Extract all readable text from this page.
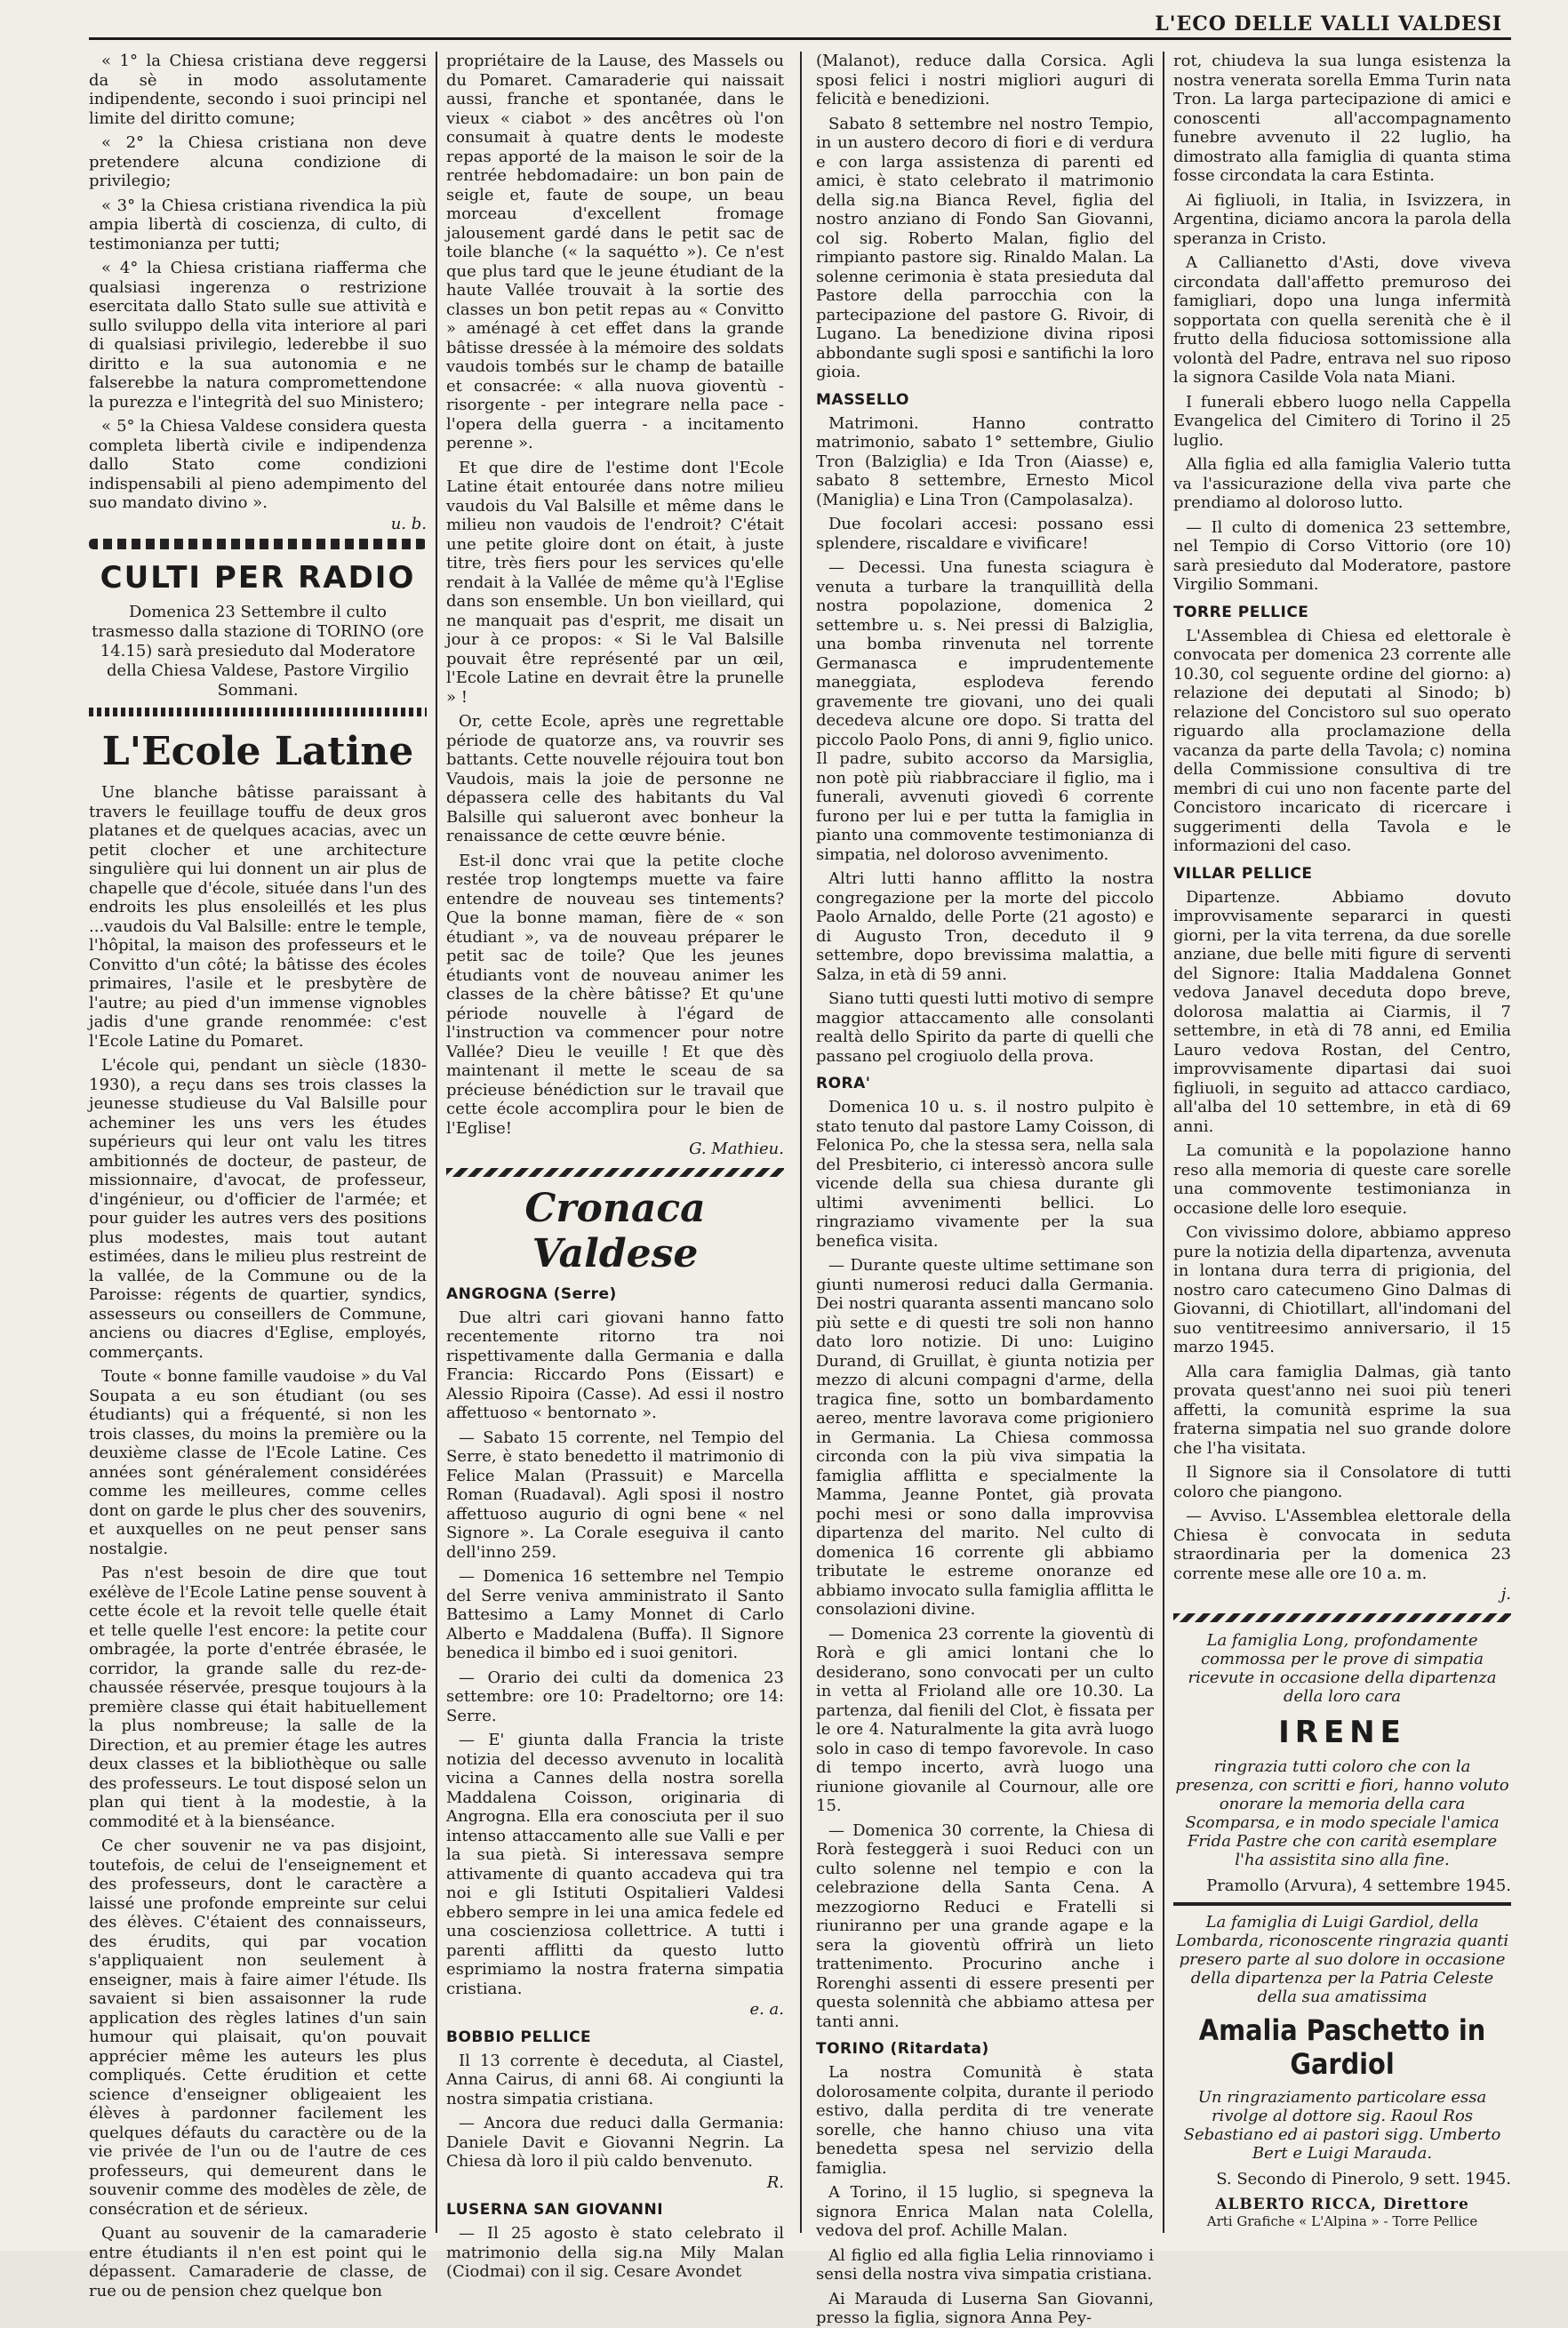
L'ECO DELLE VALLI VALDESI

« 1° la Chiesa cristiana deve reggersi da sè in modo assolutamente indipendente, secondo i suoi principi nel limite del diritto comune;

« 2° la Chiesa cristiana non deve pretendere alcuna condizione di privilegio;

« 3° la Chiesa cristiana rivendica la più ampia libertà di coscienza, di culto, di testimonianza per tutti;

« 4° la Chiesa cristiana riafferma che qualsiasi ingerenza o restrizione esercitata dallo Stato sulle sue attività e sullo sviluppo della vita interiore al pari di qualsiasi privilegio, lederebbe il suo diritto e la sua autonomia e ne falserebbe la natura compromettendone la purezza e l'integrità del suo Ministero;

« 5° la Chiesa Valdese considera questa completa libertà civile e indipendenza dallo Stato come condizioni indispensabili al pieno adempimento del suo mandato divino ».

u. b.

CULTI PER RADIO
Domenica 23 Settembre il culto trasmesso dalla stazione di TORINO (ore 14.15) sarà presieduto dal Moderatore della Chiesa Valdese, Pastore Virgilio Sommani.
L'Ecole Latine

Une blanche bâtisse paraissant à travers le feuillage touffu de deux gros platanes et de quelques acacias, avec un petit clocher et une architecture singulière qui lui donnent un air plus de chapelle que d'école, située dans l'un des endroits les plus ensoleillés et les plus ...vaudois du Val Balsille: entre le temple, l'hôpital, la maison des professeurs et le Convitto d'un côté; la bâtisse des écoles primaires, l'asile et le presbytère de l'autre; au pied d'un immense vignobles jadis d'une grande renommée: c'est l'Ecole Latine du Pomaret.

L'école qui, pendant un siècle (1830-1930), a reçu dans ses trois classes la jeunesse studieuse du Val Balsille pour acheminer les uns vers les études supérieurs qui leur ont valu les titres ambitionnés de docteur, de pasteur, de missionnaire, d'avocat, de professeur, d'ingénieur, ou d'officier de l'armée; et pour guider les autres vers des positions plus modestes, mais tout autant estimées, dans le milieu plus restreint de la vallée, de la Commune ou de la Paroisse: régents de quartier, syndics, assesseurs ou conseillers de Commune, anciens ou diacres d'Eglise, employés, commerçants.

Toute « bonne famille vaudoise » du Val Soupata a eu son étudiant (ou ses étudiants) qui a fréquenté, si non les trois classes, du moins la première ou la deuxième classe de l'Ecole Latine. Ces années sont généralement considérées comme les meilleures, comme celles dont on garde le plus cher des souvenirs, et auxquelles on ne peut penser sans nostalgie.

Pas n'est besoin de dire que tout exélève de l'Ecole Latine pense souvent à cette école et la revoit telle quelle était et telle quelle l'est encore: la petite cour ombragée, la porte d'entrée ébrasée, le corridor, la grande salle du rez-de-chaussée réservée, presque toujours à la première classe qui était habituellement la plus nombreuse; la salle de la Direction, et au premier étage les autres deux classes et la bibliothèque ou salle des professeurs. Le tout disposé selon un plan qui tient à la modestie, à la commodité et à la bienséance.

Ce cher souvenir ne va pas disjoint, toutefois, de celui de l'enseignement et des professeurs, dont le caractère a laissé une profonde empreinte sur celui des élèves. C'étaient des connaisseurs, des érudits, qui par vocation s'appliquaient non seulement à enseigner, mais à faire aimer l'étude. Ils savaient si bien assaisonner la rude application des règles latines d'un sain humour qui plaisait, qu'on pouvait apprécier même les auteurs les plus compliqués. Cette érudition et cette science d'enseigner obligeaient les élèves à pardonner facilement les quelques défauts du caractère ou de la vie privée de l'un ou de l'autre de ces professeurs, qui demeurent dans le souvenir comme des modèles de zèle, de consécration et de sérieux.

Quant au souvenir de la camaraderie entre étudiants il n'en est point qui le dépassent. Camaraderie de classe, de rue ou de pension chez quelque bon

propriétaire de la Lause, des Massels ou du Pomaret. Camaraderie qui naissait aussi, franche et spontanée, dans le vieux « ciabot » des ancêtres où l'on consumait à quatre dents le modeste repas apporté de la maison le soir de la rentrée hebdomadaire: un bon pain de seigle et, faute de soupe, un beau morceau d'excellent fromage jalousement gardé dans le petit sac de toile blanche (« la saquétto »). Ce n'est que plus tard que le jeune étudiant de la haute Vallée trouvait à la sortie des classes un bon petit repas au « Convitto » aménagé à cet effet dans la grande bâtisse dressée à la mémoire des soldats vaudois tombés sur le champ de bataille et consacrée: « alla nuova gioventù - risorgente - per integrare nella pace - l'opera della guerra - a incitamento perenne ».

Et que dire de l'estime dont l'Ecole Latine était entourée dans notre milieu vaudois du Val Balsille et même dans le milieu non vaudois de l'endroit? C'était une petite gloire dont on était, à juste titre, très fiers pour les services qu'elle rendait à la Vallée de même qu'à l'Eglise dans son ensemble. Un bon vieillard, qui ne manquait pas d'esprit, me disait un jour à ce propos: « Si le Val Balsille pouvait être représenté par un œil, l'Ecole Latine en devrait être la prunelle » !

Or, cette Ecole, après une regrettable période de quatorze ans, va rouvrir ses battants. Cette nouvelle réjouira tout bon Vaudois, mais la joie de personne ne dépassera celle des habitants du Val Balsille qui salueront avec bonheur la renaissance de cette œuvre bénie.

Est-il donc vrai que la petite cloche restée trop longtemps muette va faire entendre de nouveau ses tintements? Que la bonne maman, fière de « son étudiant », va de nouveau préparer le petit sac de toile? Que les jeunes étudiants vont de nouveau animer les classes de la chère bâtisse? Et qu'une période nouvelle à l'égard de l'instruction va commencer pour notre Vallée? Dieu le veuille ! Et que dès maintenant il mette le sceau de sa précieuse bénédiction sur le travail que cette école accomplira pour le bien de l'Eglise!

G. Mathieu.

Cronaca Valdese
ANGROGNA (Serre)

Due altri cari giovani hanno fatto recentemente ritorno tra noi rispettivamente dalla Germania e dalla Francia: Riccardo Pons (Eissart) e Alessio Ripoira (Casse). Ad essi il nostro affettuoso « bentornato ».

— Sabato 15 corrente, nel Tempio del Serre, è stato benedetto il matrimonio di Felice Malan (Prassuit) e Marcella Roman (Ruadaval). Agli sposi il nostro affettuoso augurio di ogni bene « nel Signore ». La Corale eseguiva il canto dell'inno 259.

— Domenica 16 settembre nel Tempio del Serre veniva amministrato il Santo Battesimo a Lamy Monnet di Carlo Alberto e Maddalena (Buffa). Il Signore benedica il bimbo ed i suoi genitori.

— Orario dei culti da domenica 23 settembre: ore 10: Pradeltorno; ore 14: Serre.

— E' giunta dalla Francia la triste notizia del decesso avvenuto in località vicina a Cannes della nostra sorella Maddalena Coisson, originaria di Angrogna. Ella era conosciuta per il suo intenso attaccamento alle sue Valli e per la sua pietà. Si interessava sempre attivamente di quanto accadeva qui tra noi e gli Istituti Ospitalieri Valdesi ebbero sempre in lei una amica fedele ed una coscienziosa collettrice. A tutti i parenti afflitti da questo lutto esprimiamo la nostra fraterna simpatia cristiana.

e. a.

BOBBIO PELLICE

Il 13 corrente è deceduta, al Ciastel, Anna Cairus, di anni 68. Ai congiunti la nostra simpatia cristiana.

— Ancora due reduci dalla Germania: Daniele Davit e Giovanni Negrin. La Chiesa dà loro il più caldo benvenuto.

R.

LUSERNA SAN GIOVANNI

— Il 25 agosto è stato celebrato il matrimonio della sig.na Mily Malan (Ciodmai) con il sig. Cesare Avondet

(Malanot), reduce dalla Corsica. Agli sposi felici i nostri migliori auguri di felicità e benedizioni.

Sabato 8 settembre nel nostro Tempio, in un austero decoro di fiori e di verdura e con larga assistenza di parenti ed amici, è stato celebrato il matrimonio della sig.na Bianca Revel, figlia del nostro anziano di Fondo San Giovanni, col sig. Roberto Malan, figlio del rimpianto pastore sig. Rinaldo Malan. La solenne cerimonia è stata presieduta dal Pastore della parrocchia con la partecipazione del pastore G. Rivoir, di Lugano. La benedizione divina riposi abbondante sugli sposi e santifichi la loro gioia.

MASSELLO

Matrimoni. Hanno contratto matrimonio, sabato 1° settembre, Giulio Tron (Balziglia) e Ida Tron (Aiasse) e, sabato 8 settembre, Ernesto Micol (Maniglia) e Lina Tron (Campolasalza).

Due focolari accesi: possano essi splendere, riscaldare e vivificare!

— Decessi. Una funesta sciagura è venuta a turbare la tranquillità della nostra popolazione, domenica 2 settembre u. s. Nei pressi di Balziglia, una bomba rinvenuta nel torrente Germanasca e imprudentemente maneggiata, esplodeva ferendo gravemente tre giovani, uno dei quali decedeva alcune ore dopo. Si tratta del piccolo Paolo Pons, di anni 9, figlio unico. Il padre, subito accorso da Marsiglia, non potè più riabbracciare il figlio, ma i funerali, avvenuti giovedì 6 corrente furono per lui e per tutta la famiglia in pianto una commovente testimonianza di simpatia, nel doloroso avvenimento.

Altri lutti hanno afflitto la nostra congregazione per la morte del piccolo Paolo Arnaldo, delle Porte (21 agosto) e di Augusto Tron, deceduto il 9 settembre, dopo brevissima malattia, a Salza, in età di 59 anni.

Siano tutti questi lutti motivo di sempre maggior attaccamento alle consolanti realtà dello Spirito da parte di quelli che passano pel crogiuolo della prova.

RORA'

Domenica 10 u. s. il nostro pulpito è stato tenuto dal pastore Lamy Coisson, di Felonica Po, che la stessa sera, nella sala del Presbiterio, ci interessò ancora sulle vicende della sua chiesa durante gli ultimi avvenimenti bellici. Lo ringraziamo vivamente per la sua benefica visita.

— Durante queste ultime settimane son giunti numerosi reduci dalla Germania. Dei nostri quaranta assenti mancano solo più sette e di questi tre soli non hanno dato loro notizie. Di uno: Luigino Durand, di Gruillat, è giunta notizia per mezzo di alcuni compagni d'arme, della tragica fine, sotto un bombardamento aereo, mentre lavorava come prigioniero in Germania. La Chiesa commossa circonda con la più viva simpatia la famiglia afflitta e specialmente la Mamma, Jeanne Pontet, già provata pochi mesi or sono dalla improvvisa dipartenza del marito. Nel culto di domenica 16 corrente gli abbiamo tributate le estreme onoranze ed abbiamo invocato sulla famiglia afflitta le consolazioni divine.

— Domenica 23 corrente la gioventù di Rorà e gli amici lontani che lo desiderano, sono convocati per un culto in vetta al Frioland alle ore 10.30. La partenza, dal fienili del Clot, è fissata per le ore 4. Naturalmente la gita avrà luogo solo in caso di tempo favorevole. In caso di tempo incerto, avrà luogo una riunione giovanile al Cournour, alle ore 15.

— Domenica 30 corrente, la Chiesa di Rorà festeggerà i suoi Reduci con un culto solenne nel tempio e con la celebrazione della Santa Cena. A mezzogiorno Reduci e Fratelli si riuniranno per una grande agape e la sera la gioventù offrirà un lieto trattenimento. Procurino anche i Rorenghi assenti di essere presenti per questa solennità che abbiamo attesa per tanti anni.

TORINO (Ritardata)

La nostra Comunità è stata dolorosamente colpita, durante il periodo estivo, dalla perdita di tre venerate sorelle, che hanno chiuso una vita benedetta spesa nel servizio della famiglia.

A Torino, il 15 luglio, si spegneva la signora Enrica Malan nata Colella, vedova del prof. Achille Malan.

Al figlio ed alla figlia Lelia rinnoviamo i sensi della nostra viva simpatia cristiana.

Ai Marauda di Luserna San Giovanni, presso la figlia, signora Anna Pey-

rot, chiudeva la sua lunga esistenza la nostra venerata sorella Emma Turin nata Tron. La larga partecipazione di amici e conoscenti all'accompagnamento funebre avvenuto il 22 luglio, ha dimostrato alla famiglia di quanta stima fosse circondata la cara Estinta.

Ai figliuoli, in Italia, in Isvizzera, in Argentina, diciamo ancora la parola della speranza in Cristo.

A Callianetto d'Asti, dove viveva circondata dall'affetto premuroso dei famigliari, dopo una lunga infermità sopportata con quella serenità che è il frutto della fiduciosa sottomissione alla volontà del Padre, entrava nel suo riposo la signora Casilde Vola nata Miani.

I funerali ebbero luogo nella Cappella Evangelica del Cimitero di Torino il 25 luglio.

Alla figlia ed alla famiglia Valerio tutta va l'assicurazione della viva parte che prendiamo al doloroso lutto.

— Il culto di domenica 23 settembre, nel Tempio di Corso Vittorio (ore 10) sarà presieduto dal Moderatore, pastore Virgilio Sommani.

TORRE PELLICE

L'Assemblea di Chiesa ed elettorale è convocata per domenica 23 corrente alle 10.30, col seguente ordine del giorno: a) relazione dei deputati al Sinodo; b) relazione del Concistoro sul suo operato riguardo alla proclamazione della vacanza da parte della Tavola; c) nomina della Commissione consultiva di tre membri di cui uno non facente parte del Concistoro incaricato di ricercare i suggerimenti della Tavola e le informazioni del caso.

VILLAR PELLICE

Dipartenze. Abbiamo dovuto improvvisamente separarci in questi giorni, per la vita terrena, da due sorelle anziane, due belle miti figure di serventi del Signore: Italia Maddalena Gonnet vedova Janavel deceduta dopo breve, dolorosa malattia ai Ciarmis, il 7 settembre, in età di 78 anni, ed Emilia Lauro vedova Rostan, del Centro, improvvisamente dipartasi dai suoi figliuoli, in seguito ad attacco cardiaco, all'alba del 10 settembre, in età di 69 anni.

La comunità e la popolazione hanno reso alla memoria di queste care sorelle una commovente testimonianza in occasione delle loro esequie.

Con vivissimo dolore, abbiamo appreso pure la notizia della dipartenza, avvenuta in lontana dura terra di prigionia, del nostro caro catecumeno Gino Dalmas di Giovanni, di Chiotillart, all'indomani del suo ventitreesimo anniversario, il 15 marzo 1945.

Alla cara famiglia Dalmas, già tanto provata quest'anno nei suoi più teneri affetti, la comunità esprime la sua fraterna simpatia nel suo grande dolore che l'ha visitata.

Il Signore sia il Consolatore di tutti coloro che piangono.

— Avviso. L'Assemblea elettorale della Chiesa è convocata in seduta straordinaria per la domenica 23 corrente mese alle ore 10 a. m.

j.

La famiglia Long, profondamente commossa per le prove di simpatia ricevute in occasione della dipartenza della loro cara
IRENE
ringrazia tutti coloro che con la presenza, con scritti e fiori, hanno voluto onorare la memoria della cara Scomparsa, e in modo speciale l'amica Frida Pastre che con carità esemplare l'ha assistita sino alla fine.
Pramollo (Arvura), 4 settembre 1945.
La famiglia di Luigi Gardiol, della Lombarda, riconoscente ringrazia quanti presero parte al suo dolore in occasione della dipartenza per la Patria Celeste della sua amatissima
Amalia Paschetto in Gardiol
Un ringraziamento particolare essa rivolge al dottore sig. Raoul Ros Sebastiano ed ai pastori sigg. Umberto Bert e Luigi Marauda.
S. Secondo di Pinerolo, 9 sett. 1945.
ALBERTO RICCA, Direttore
Arti Grafiche « L'Alpina » - Torre Pellice
